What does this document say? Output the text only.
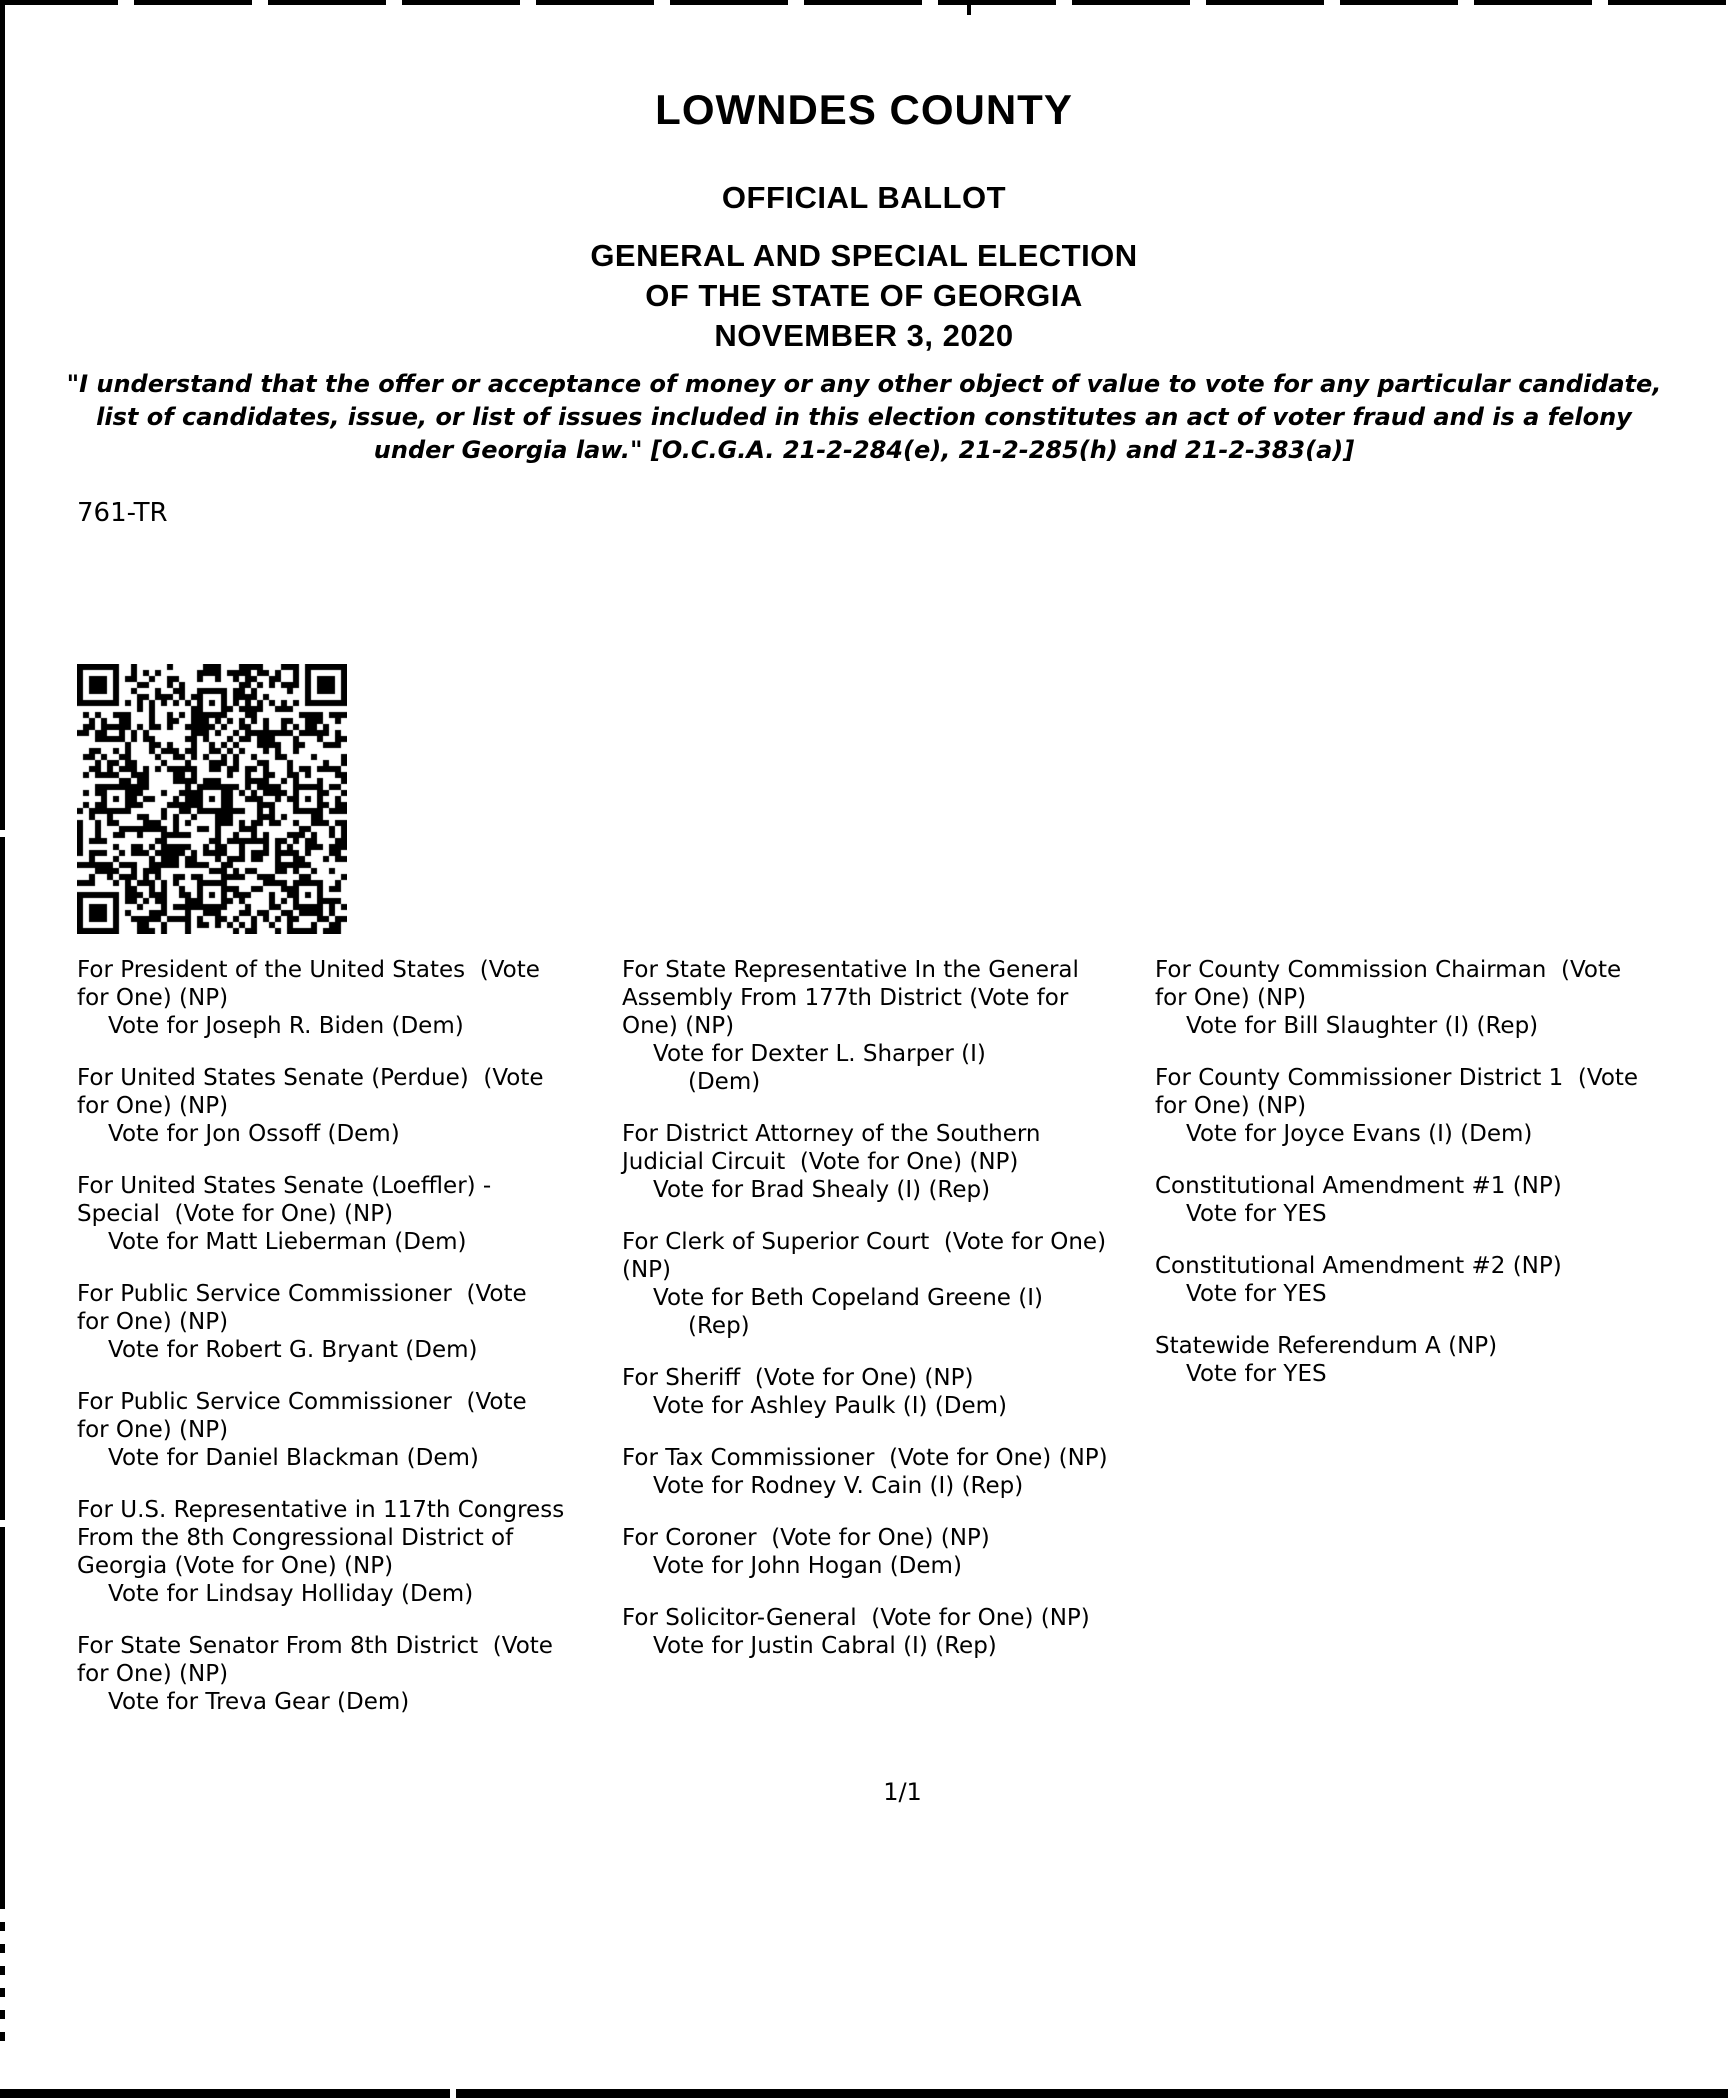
LOWNDES COUNTY
OFFICIAL BALLOT
GENERAL AND SPECIAL ELECTION
OF THE STATE OF GEORGIA
NOVEMBER 3, 2020
"I understand that the offer or acceptance of money or any other object of value to vote for any particular candidate,
list of candidates, issue, or list of issues included in this election constitutes an act of voter fraud and is a felony
under Georgia law." [O.C.G.A. 21-2-284(e), 21-2-285(h) and 21-2-383(a)]
761-TR
For President of the United States  (Vote
for One) (NP)
Vote for Joseph R. Biden (Dem)
For United States Senate (Perdue)  (Vote
for One) (NP)
Vote for Jon Ossoff (Dem)
For United States Senate (Loeffler) -
Special  (Vote for One) (NP)
Vote for Matt Lieberman (Dem)
For Public Service Commissioner  (Vote
for One) (NP)
Vote for Robert G. Bryant (Dem)
For Public Service Commissioner  (Vote
for One) (NP)
Vote for Daniel Blackman (Dem)
For U.S. Representative in 117th Congress
From the 8th Congressional District of
Georgia (Vote for One) (NP)
Vote for Lindsay Holliday (Dem)
For State Senator From 8th District  (Vote
for One) (NP)
Vote for Treva Gear (Dem)
For State Representative In the General
Assembly From 177th District (Vote for
One) (NP)
Vote for Dexter L. Sharper (I)
(Dem)
For District Attorney of the Southern
Judicial Circuit  (Vote for One) (NP)
Vote for Brad Shealy (I) (Rep)
For Clerk of Superior Court  (Vote for One)
(NP)
Vote for Beth Copeland Greene (I)
(Rep)
For Sheriff  (Vote for One) (NP)
Vote for Ashley Paulk (I) (Dem)
For Tax Commissioner  (Vote for One) (NP)
Vote for Rodney V. Cain (I) (Rep)
For Coroner  (Vote for One) (NP)
Vote for John Hogan (Dem)
For Solicitor-General  (Vote for One) (NP)
Vote for Justin Cabral (I) (Rep)
For County Commission Chairman  (Vote
for One) (NP)
Vote for Bill Slaughter (I) (Rep)
For County Commissioner District 1  (Vote
for One) (NP)
Vote for Joyce Evans (I) (Dem)
Constitutional Amendment #1 (NP)
Vote for YES
Constitutional Amendment #2 (NP)
Vote for YES
Statewide Referendum A (NP)
Vote for YES
1/1
